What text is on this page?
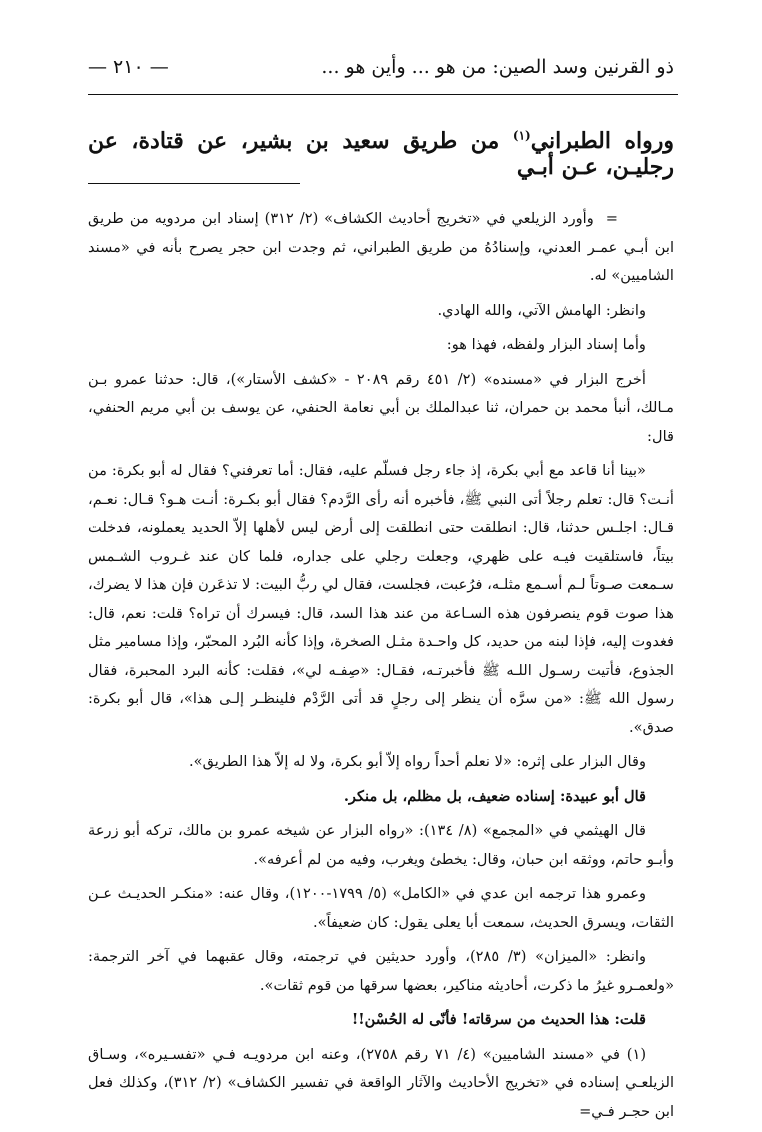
ذو القرنين وسد الصين: من هو ... وأين هو ...
— ٢١٠ —
ورواه الطبراني$^{(١)}$ من طريق سعيد بن بشير، عن قتادة، عن رجليـن، عـن أبـي

=وأورد الزيلعي في «تخريج أحاديث الكشاف» (٢/ ٣١٢) إسناد ابن مردويه من طريق ابن أبـي عمـر العدني، وإسنادُهُ من طريق الطبراني، ثم وجدت ابن حجر يصرح بأنه في «مسند الشاميين» له.

وانظر: الهامش الآتي، والله الهادي.

وأما إسناد البزار ولفظه، فهذا هو:

أخرج البزار في «مسنده» (٢/ ٤٥١ رقم ٢٠٨٩ - «كشف الأستار»)، قال: حدثنا عمرو بـن مـالك، أنبأ محمد بن حمران، ثنا عبدالملك بن أبي نعامة الحنفي، عن يوسف بن أبي مريم الحنفي، قال:

«بينا أنا قاعد مع أبي بكرة، إذ جاء رجل فسلّم عليه، فقال: أما تعرفني؟ فقال له أبو بكرة: من أنـت؟ قال: تعلم رجلاً أتى النبي ﷺ، فأخبره أنه رأى الرَّدم؟ فقال أبو بكـرة: أنـت هـو؟ قـال: نعـم، قـال: اجلـس حدثنا، قال: انطلقت حتى انطلقت إلى أرض ليس لأهلها إلاّ الحديد يعملونه، فدخلت بيتاً، فاستلقيت فيـه على ظهري، وجعلت رجلي على جداره، فلما كان عند غـروب الشـمس سـمعت صـوتاً لـم أسـمع مثلـه، فرُعبت، فجلست، فقال لي ربُّ البيت: لا تذعَرن فإن هذا لا يضرك، هذا صوت قوم ينصرفون هذه السـاعة من عند هذا السد، قال: فيسرك أن تراه؟ قلت: نعم، قال: فغدوت إليه، فإذا لبنه من حديد، كل واحـدة مثـل الصخرة، وإذا كأنه البُرد المحبّر، وإذا مسامير مثل الجذوع، فأتيت رسـول اللـه ﷺ فأخبرتـه، فقـال: «صِفـه لي»، فقلت: كأنه البرد المحبرة، فقال رسول الله ﷺ: «من سرَّه أن ينظر إلى رجلٍ قد أتى الرَّدْم فلينظـر إلـى هذا»، قال أبو بكرة: صدق».

وقال البزار على إثره: «لا نعلم أحداً رواه إلاّ أبو بكرة، ولا له إلاّ هذا الطريق».

قال أبو عبيدة: إسناده ضعيف، بل مظلم، بل منكر.

قال الهيثمي في «المجمع» (٨/ ١٣٤): «رواه البزار عن شيخه عمرو بن مالك، تركه أبو زرعة وأبـو حاتم، ووثقه ابن حبان، وقال: يخطئ ويغرب، وفيه من لم أعرفه».

وعمرو هذا ترجمه ابن عدي في «الكامل» (٥/ ١٧٩٩-١٢٠٠)، وقال عنه: «منكـر الحديـث عـن الثقات، ويسرق الحديث، سمعت أبا يعلى يقول: كان ضعيفاً».

وانظر: «الميزان» (٣/ ٢٨٥)، وأورد حديثين في ترجمته، وقال عقبهما في آخر الترجمة: «ولعمـرو غيرُ ما ذكرت، أحاديثه مناكير، بعضها سرقها من قوم ثقات».

قلت: هذا الحديث من سرقاته! فأنّى له الحُسْن!!

(١) في «مسند الشاميين» (٤/ ٧١ رقم ٢٧٥٨)، وعنه ابن مردويـه فـي «تفسـيره»، وسـاق الزيلعـي إسناده في «تخريج الأحاديث والآثار الواقعة في تفسير الكشاف» (٢/ ٣١٢)، وكذلك فعل ابن حجـر فـي=
